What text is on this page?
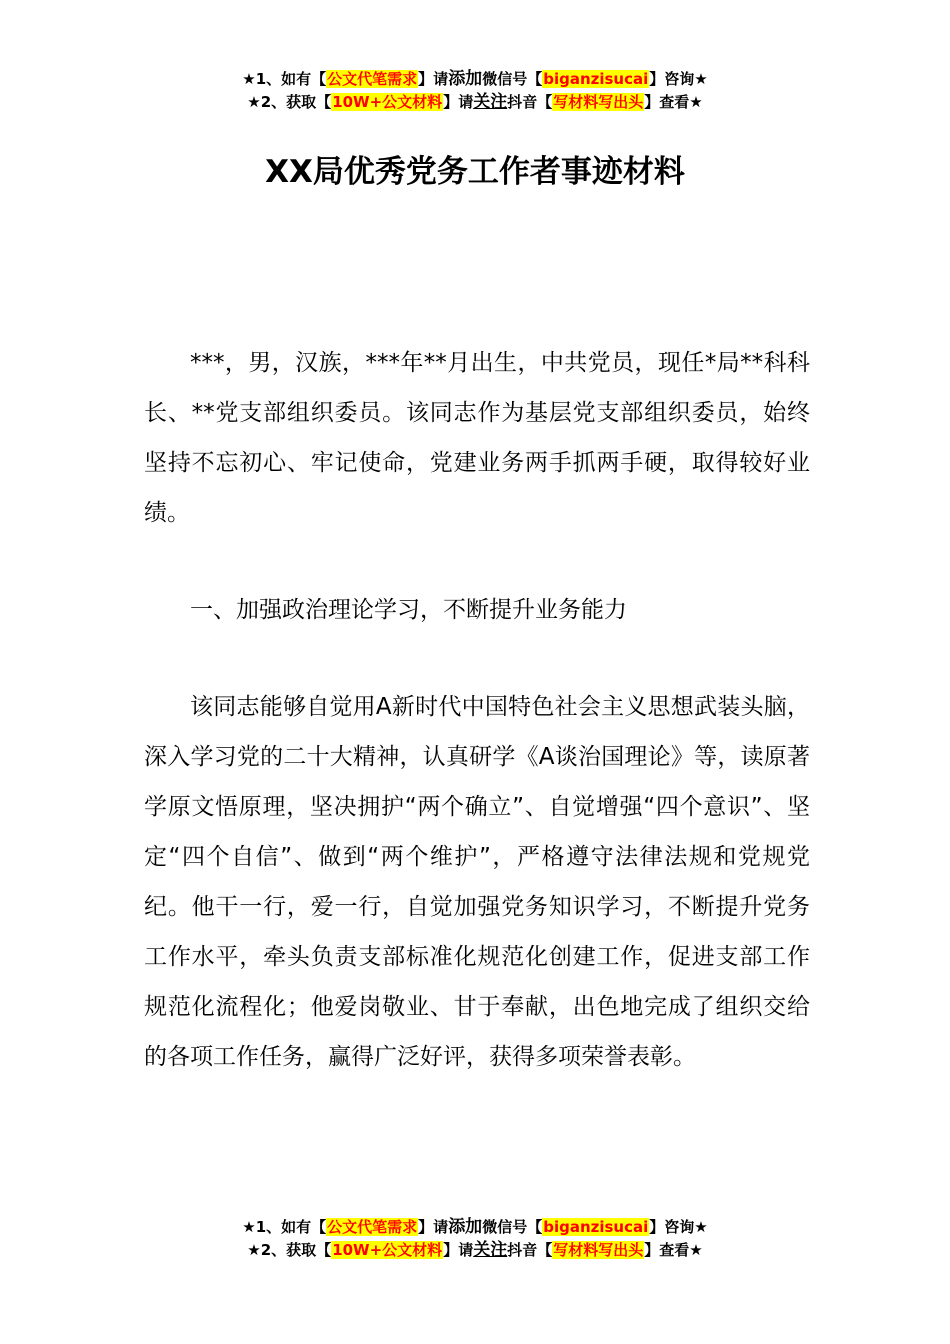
★1、如有【公文代笔需求】请添加微信号【biganzisucai】咨询★
★2、获取【10W+公文材料】请关注抖音【写材料写出头】查看★
XX局优秀党务工作者事迹材料

***，男，汉族，***年**月出生，中共党员，现任*局**科科长、**党支部组织委员。该同志作为基层党支部组织委员，始终坚持不忘初心、牢记使命，党建业务两手抓两手硬，取得较好业绩。

一、加强政治理论学习，不断提升业务能力

该同志能够自觉用A新时代中国特色社会主义思想武装头脑，深入学习党的二十大精神，认真研学《A谈治国理论》等，读原著学原文悟原理，坚决拥护“两个确立”、自觉增强“四个意识”、坚定“四个自信”、做到“两个维护”，严格遵守法律法规和党规党纪。他干一行，爱一行，自觉加强党务知识学习，不断提升党务工作水平，牵头负责支部标准化规范化创建工作，促进支部工作规范化流程化；他爱岗敬业、甘于奉献，出色地完成了组织交给的各项工作任务，赢得广泛好评，获得多项荣誉表彰。

★1、如有【公文代笔需求】请添加微信号【biganzisucai】咨询★
★2、获取【10W+公文材料】请关注抖音【写材料写出头】查看★
